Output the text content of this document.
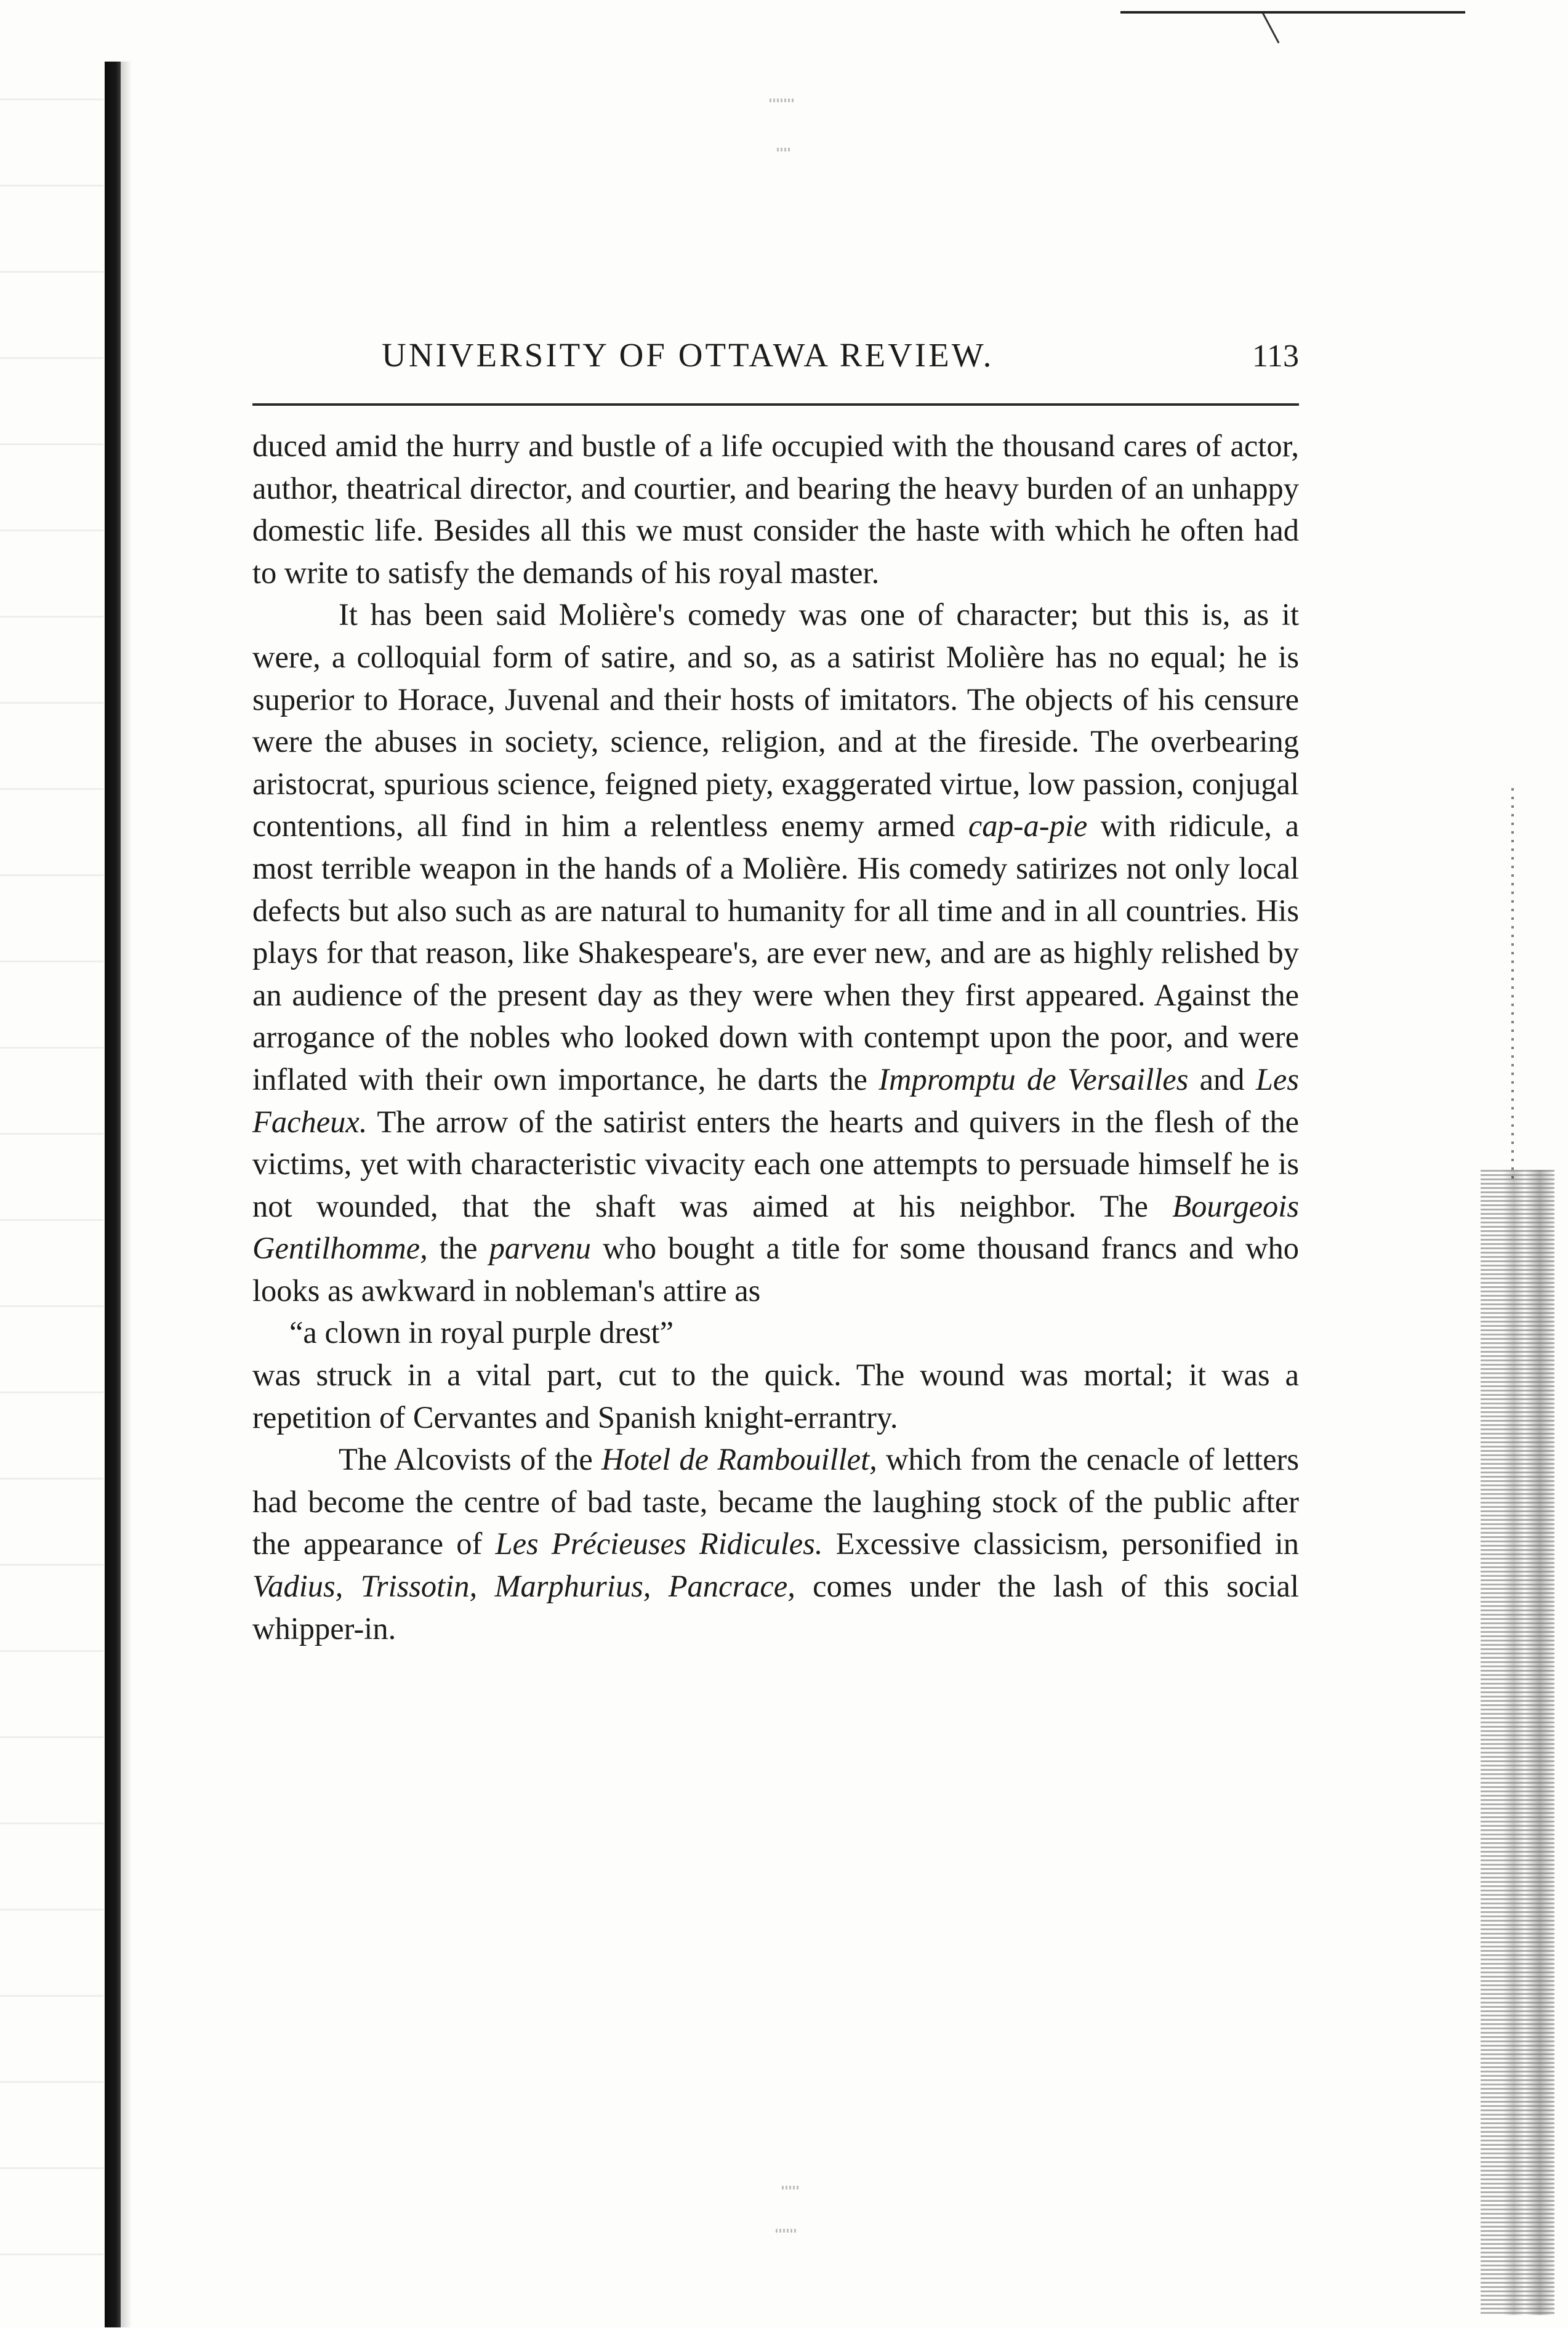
UNIVERSITY OF OTTAWA REVIEW.	113

duced amid the hurry and bustle of a life occupied with the thousand cares of actor, author, theatrical director, and courtier, and bearing the heavy burden of an unhappy domestic life. Besides all this we must consider the haste with which he often had to write to satisfy the demands of his royal master.

It has been said Molière's comedy was one of character; but this is, as it were, a colloquial form of satire, and so, as a satirist Molière has no equal; he is superior to Horace, Juvenal and their hosts of imitators. The objects of his censure were the abuses in society, science, religion, and at the fireside. The overbearing aristocrat, spurious science, feigned piety, exaggerated virtue, low passion, conjugal contentions, all find in him a relentless enemy armed cap-a-pie with ridicule, a most terrible weapon in the hands of a Molière. His comedy satirizes not only local defects but also such as are natural to humanity for all time and in all countries. His plays for that reason, like Shakespeare's, are ever new, and are as highly relished by an audience of the present day as they were when they first appeared. Against the arrogance of the nobles who looked down with contempt upon the poor, and were inflated with their own importance, he darts the Impromptu de Versailles and Les Facheux. The arrow of the satirist enters the hearts and quivers in the flesh of the victims, yet with characteristic vivacity each one attempts to persuade himself he is not wounded, that the shaft was aimed at his neighbor. The Bourgeois Gentilhomme, the parvenu who bought a title for some thousand francs and who looks as awkward in nobleman's attire as

“a clown in royal purple drest”

was struck in a vital part, cut to the quick. The wound was mortal; it was a repetition of Cervantes and Spanish knight-errantry.

The Alcovists of the Hotel de Rambouillet, which from the cenacle of letters had become the centre of bad taste, became the laughing stock of the public after the appearance of Les Précieuses Ridicules. Excessive classicism, personified in Vadius, Trissotin, Marphurius, Pancrace, comes under the lash of this social whipper-in.
